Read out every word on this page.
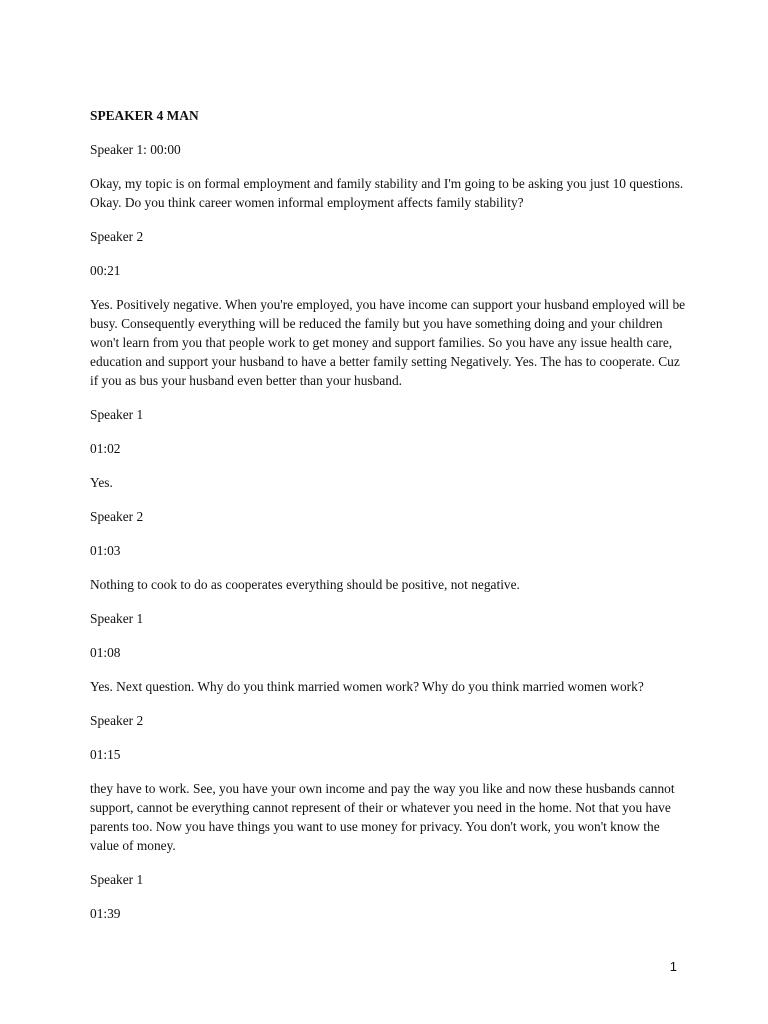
SPEAKER 4 MAN

Speaker 1: 00:00

Okay, my topic is on formal employment and family stability and I'm going to be asking you just 10 questions. Okay. Do you think career women informal employment affects family stability?

Speaker 2

00:21

Yes. Positively negative. When you're employed, you have income can support your husband employed will be busy. Consequently everything will be reduced the family but you have something doing and your children won't learn from you that people work to get money and support families. So you have any issue health care, education and support your husband to have a better family setting Negatively. Yes. The has to cooperate. Cuz if you as bus your husband even better than your husband.

Speaker 1

01:02

Yes.

Speaker 2

01:03

Nothing to cook to do as cooperates everything should be positive, not negative.

Speaker 1

01:08

Yes. Next question. Why do you think married women work? Why do you think married women work?

Speaker 2

01:15

they have to work. See, you have your own income and pay the way you like and now these husbands cannot support, cannot be everything cannot represent of their or whatever you need in the home. Not that you have parents too. Now you have things you want to use money for privacy. You don't work, you won't know the value of money.

Speaker 1

01:39

1
